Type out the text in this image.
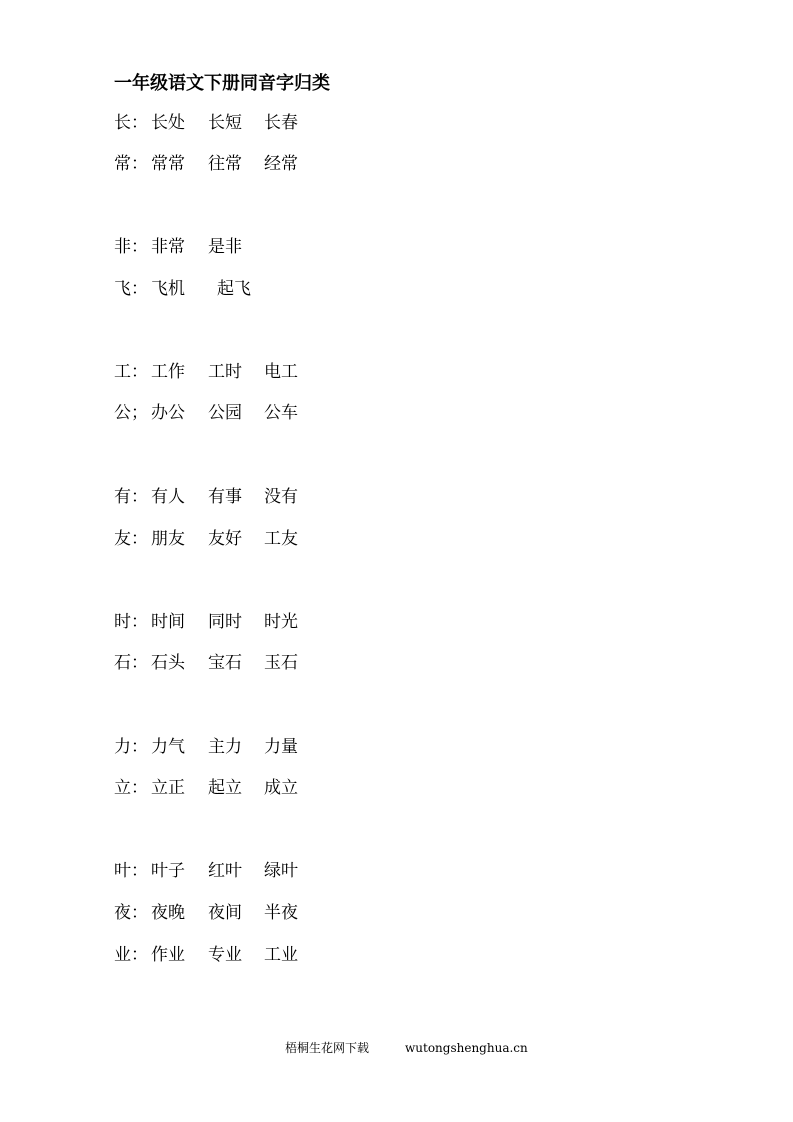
一年级语文下册同音字归类
长： 长处 长短 长春
常： 常常 往常 经常
非： 非常 是非
飞： 飞机 起飞
工： 工作 工时 电工
公； 办公 公园 公车
有： 有人 有事 没有
友： 朋友 友好 工友
时： 时间 同时 时光
石： 石头 宝石 玉石
力： 力气 主力 力量
立： 立正 起立 成立
叶： 叶子 红叶 绿叶
夜： 夜晚 夜间 半夜
业： 作业 专业 工业
梧桐生花网下载	wutongshenghua.cn
